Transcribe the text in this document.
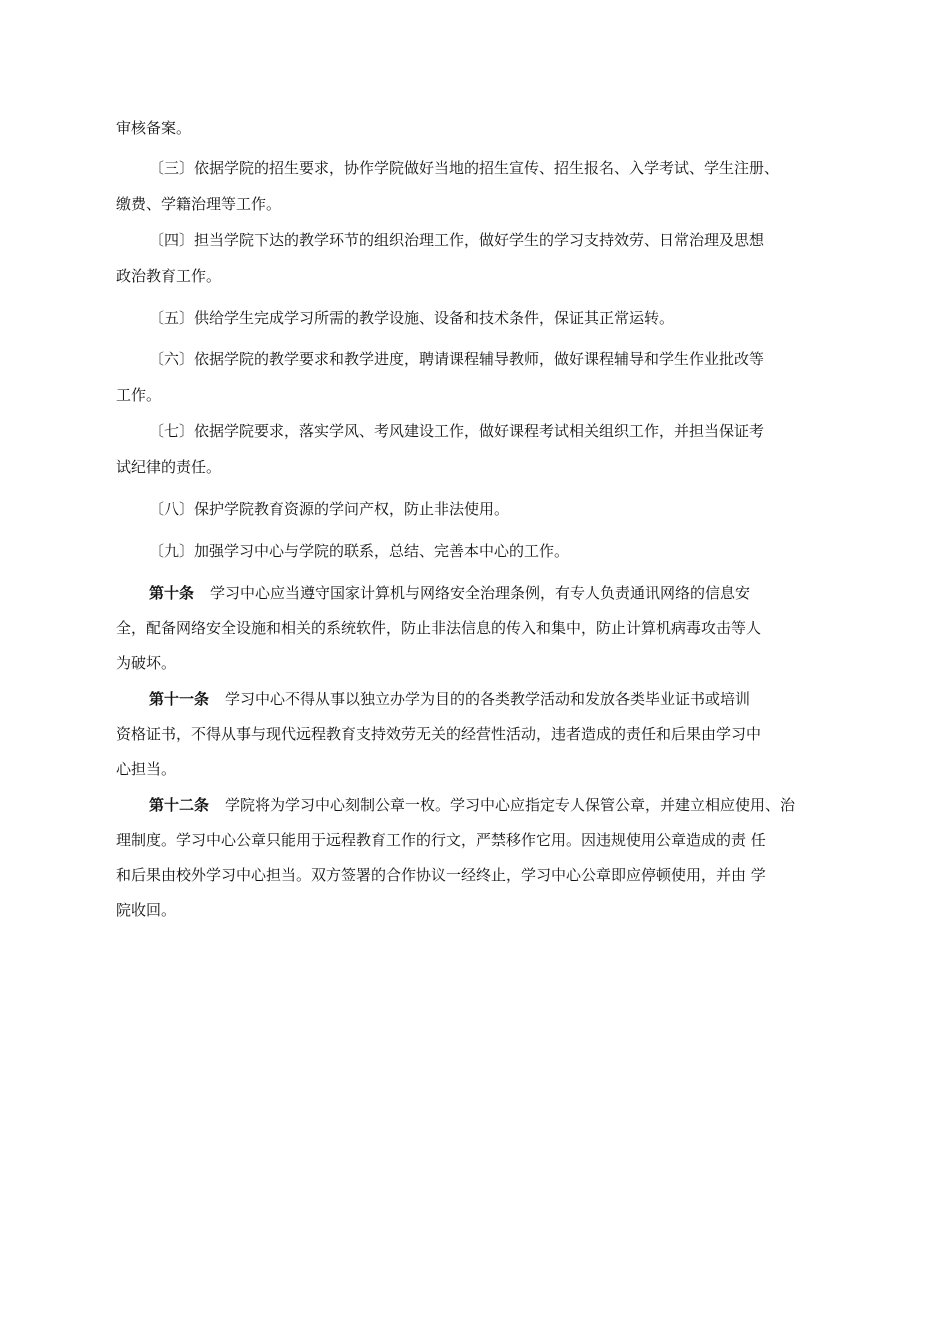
审核备案。
〔三〕依据学院的招生要求，协作学院做好当地的招生宣传、招生报名、入学考试、学生注册、
缴费、学籍治理等工作。
〔四〕担当学院下达的教学环节的组织治理工作，做好学生的学习支持效劳、日常治理及思想
政治教育工作。
〔五〕供给学生完成学习所需的教学设施、设备和技术条件，保证其正常运转。
〔六〕依据学院的教学要求和教学进度，聘请课程辅导教师，做好课程辅导和学生作业批改等
工作。
〔七〕依据学院要求，落实学风、考风建设工作，做好课程考试相关组织工作，并担当保证考
试纪律的责任。
〔八〕保护学院教育资源的学问产权，防止非法使用。
〔九〕加强学习中心与学院的联系，总结、完善本中心的工作。
第十条 学习中心应当遵守国家计算机与网络安全治理条例，有专人负责通讯网络的信息安
全，配备网络安全设施和相关的系统软件，防止非法信息的传入和集中，防止计算机病毒攻击等人
为破坏。
第十一条 学习中心不得从事以独立办学为目的的各类教学活动和发放各类毕业证书或培训
资格证书，不得从事与现代远程教育支持效劳无关的经营性活动，违者造成的责任和后果由学习中
心担当。
第十二条 学院将为学习中心刻制公章一枚。学习中心应指定专人保管公章，并建立相应使用、治
理制度。学习中心公章只能用于远程教育工作的行文，严禁移作它用。因违规使用公章造成的责 任
和后果由校外学习中心担当。双方签署的合作协议一经终止，学习中心公章即应停顿使用，并由 学
院收回。
